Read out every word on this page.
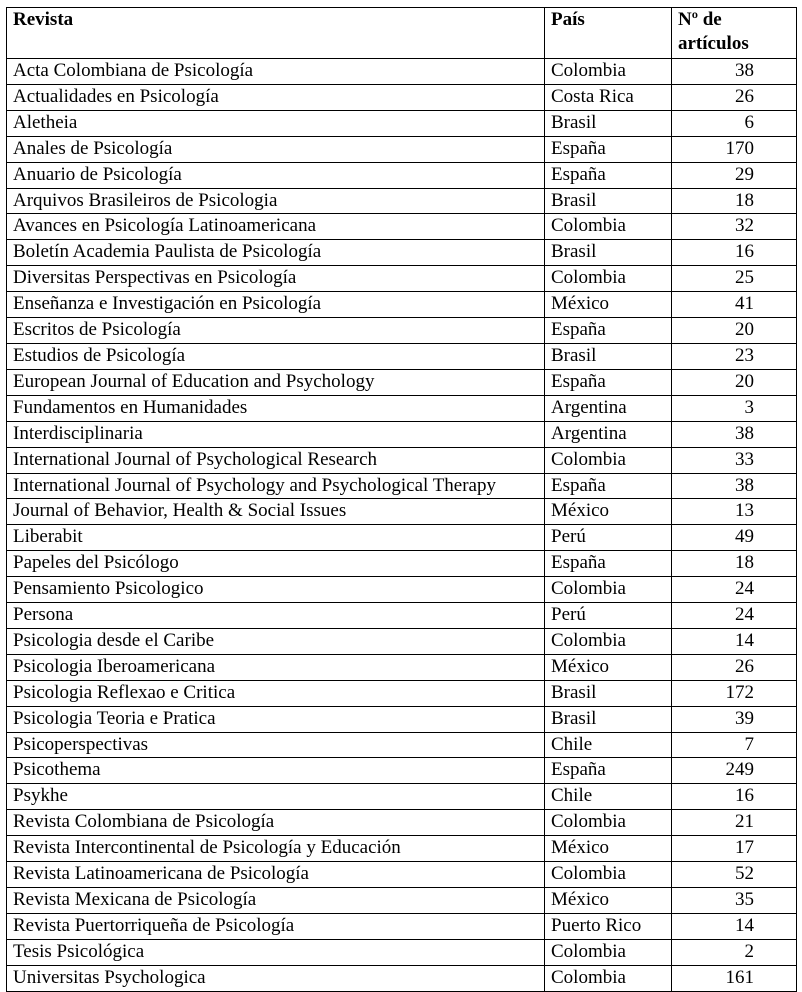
Revista	País	Nº de artículos
Acta Colombiana de Psicología	Colombia	38
Actualidades en Psicología	Costa Rica	26
Aletheia	Brasil	6
Anales de Psicología	España	170
Anuario de Psicología	España	29
Arquivos Brasileiros de Psicologia	Brasil	18
Avances en Psicología Latinoamericana	Colombia	32
Boletín Academia Paulista de Psicología	Brasil	16
Diversitas Perspectivas en Psicología	Colombia	25
Enseñanza e Investigación en Psicología	México	41
Escritos de Psicología	España	20
Estudios de Psicología	Brasil	23
European Journal of Education and Psychology	España	20
Fundamentos en Humanidades	Argentina	3
Interdisciplinaria	Argentina	38
International Journal of Psychological Research	Colombia	33
International Journal of Psychology and Psychological Therapy	España	38
Journal of Behavior, Health & Social Issues	México	13
Liberabit	Perú	49
Papeles del Psicólogo	España	18
Pensamiento Psicologico	Colombia	24
Persona	Perú	24
Psicologia desde el Caribe	Colombia	14
Psicologia Iberoamericana	México	26
Psicologia Reflexao e Critica	Brasil	172
Psicologia Teoria e Pratica	Brasil	39
Psicoperspectivas	Chile	7
Psicothema	España	249
Psykhe	Chile	16
Revista Colombiana de Psicología	Colombia	21
Revista Intercontinental de Psicología y Educación	México	17
Revista Latinoamericana de Psicología	Colombia	52
Revista Mexicana de Psicología	México	35
Revista Puertorriqueña de Psicología	Puerto Rico	14
Tesis Psicológica	Colombia	2
Universitas Psychologica	Colombia	161
